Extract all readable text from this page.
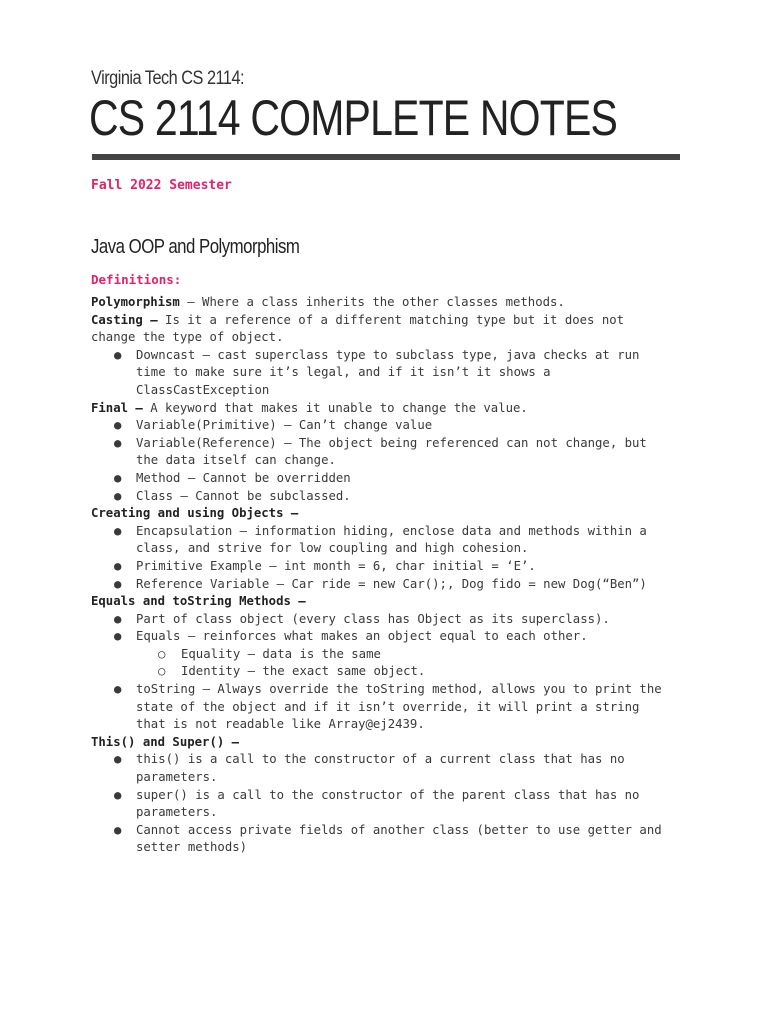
Virginia Tech CS 2114:
CS 2114 COMPLETE NOTES
Fall 2022 Semester
Java OOP and Polymorphism
Definitions:
Polymorphism – Where a class inherits the other classes methods.
Casting – Is it a reference of a different matching type but it does not
change the type of object.
● Downcast – cast superclass type to subclass type, java checks at run
time to make sure it’s legal, and if it isn’t it shows a
ClassCastException
Final – A keyword that makes it unable to change the value.
● Variable(Primitive) – Can’t change value
● Variable(Reference) – The object being referenced can not change, but
the data itself can change.
● Method – Cannot be overridden
● Class – Cannot be subclassed.
Creating and using Objects –
● Encapsulation – information hiding, enclose data and methods within a
class, and strive for low coupling and high cohesion.
● Primitive Example – int month = 6, char initial = ‘E’.
● Reference Variable – Car ride = new Car();, Dog fido = new Dog(“Ben”)
Equals and toString Methods –
● Part of class object (every class has Object as its superclass).
● Equals – reinforces what makes an object equal to each other.
○ Equality – data is the same
○ Identity – the exact same object.
● toString – Always override the toString method, allows you to print the
state of the object and if it isn’t override, it will print a string
that is not readable like Array@ej2439.
This() and Super() –
● this() is a call to the constructor of a current class that has no
parameters.
● super() is a call to the constructor of the parent class that has no
parameters.
● Cannot access private fields of another class (better to use getter and
setter methods)
